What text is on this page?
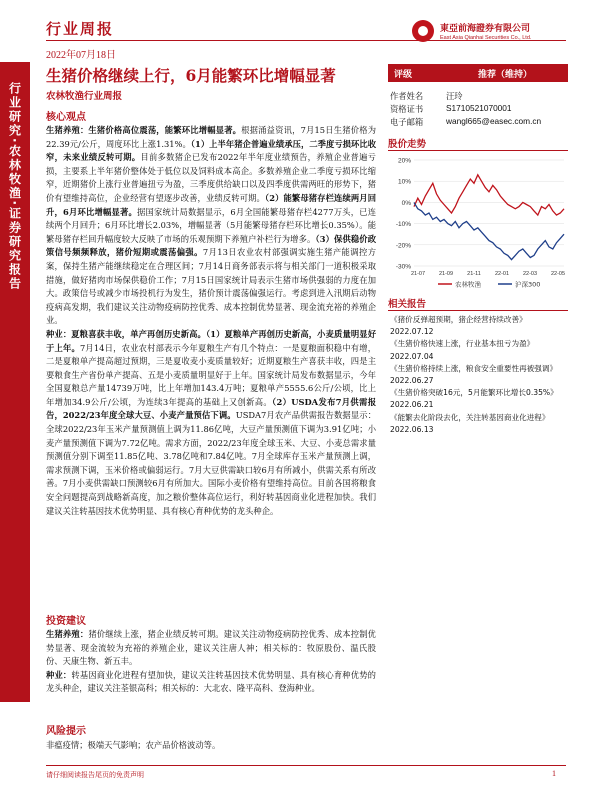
行业周报
2022年07月18日
東亞前海證券有限公司
East Asia Qianhai Securities Co., Ltd.
行业研究·农林牧渔·证券研究报告
生猪价格继续上行，6月能繁环比增幅显著
农林牧渔行业周报
核心观点

生猪养殖：生猪价格高位震荡，能繁环比增幅显著。根据涌益资讯，7月15日生猪价格为22.39元/公斤，周度环比上涨1.31%。（1）上半年猪企普遍业绩承压，二季度亏损环比收窄，未来业绩反转可期。目前多数猪企已发布2022年半年度业绩预告，养殖企业普遍亏损，主要系上半年猪价整体处于低位以及饲料成本高企。多数养殖企业二季度亏损环比缩窄，近期猪价上涨行业普遍扭亏为盈，三季度供给缺口以及四季度供需两旺的形势下，猪价有望维持高位，企业经营有望逐步改善，业绩反转可期。（2）能繁母猪存栏连续两月回升，6月环比增幅显著。据国家统计局数据显示，6月全国能繁母猪存栏4277万头，已连续两个月回升；6月环比增长2.03%，增幅显著（5月能繁母猪存栏环比增长0.35%）。能繁母猪存栏回升幅度较大反映了市场的乐观预期下养殖户补栏行为增多。（3）保供稳价政策信号频频释放，猪价短期或震荡偏强。7月13日农业农村部强调实施生猪产能调控方案，保持生猪产能继续稳定在合理区间；7月14日商务部表示将与相关部门一道积极采取措施，做好猪肉市场保供稳价工作；7月15日国家统计局表示生猪市场供强弱的力度在加大。政策信号或减少市场投机行为发生，猪价预计震荡偏强运行。考虑到进入汛期后动物疫病高发期，我们建议关注动物疫病防控优秀、成本控制优势显著、现金流充裕的养殖企业。

种业：夏粮喜获丰收，单产再创历史新高。（1）夏粮单产再创历史新高，小麦质量明显好于上年。7月14日，农业农村部表示今年夏粮生产有几个特点：一是夏粮面积稳中有增，二是夏粮单产提高超过预期，三是夏收麦小麦质量较好；近期夏粮生产喜获丰收，四是主要粮食生产省份单产提高、五是小麦质量明显好于上年。国家统计局发布数据显示，今年全国夏粮总产量14739万吨，比上年增加143.4万吨；夏粮单产5555.6公斤/公顷，比上年增加34.9公斤/公顷，为连续3年提高的基础上又创新高。（2）USDA发布7月供需报告，2022/23年度全球大豆、小麦产量预估下调。USDA7月农产品供需报告数据显示：全球2022/23年玉米产量预测值上调为11.86亿吨，大豆产量预测值下调为3.91亿吨；小麦产量预测值下调为7.72亿吨。需求方面，2022/23年度全球玉米、大豆、小麦总需求量预测值分别下调至11.85亿吨、3.78亿吨和7.84亿吨。7月全球库存玉米产量预测上调，需求预测下调，玉米价格或偏弱运行。7月大豆供需缺口较6月有所减小，供需关系有所改善。7月小麦供需缺口预测较6月有所加大。国际小麦价格有望维持高位。目前各国将粮食安全问题提高到战略新高度，加之粮价整体高位运行，利好转基因商业化进程加快。我们建议关注转基因技术优势明显、具有核心育种优势的龙头种企。

投资建议

生猪养殖：猪价继续上涨，猪企业绩反转可期。建议关注动物疫病防控优秀、成本控制优势显著、现金流较为充裕的养殖企业，建议关注唐人神；相关标的：牧原股份、温氏股份、天康生物、新五丰。

种业：转基因商业化进程有望加快，建议关注转基因技术优势明显、具有核心育种优势的龙头种企，建议关注荃银高科；相关标的：大北农、隆平高科、登海种业。

风险提示
非瘟疫情；极端天气影响；农产品价格波动等。
评级	推荐（维持）
作者姓名	汪玲
资格证书	S1710521070001
电子邮箱	wangl665@easec.com.cn
股价走势
20%
10%
0%
-10%
-20%
-30%
21-07	21-09	21-11	22-01	22-03	22-05
农林牧渔	沪深300
相关报告
《猪价反弹超预期，猪企经营持续改善》2022.07.12
《生猪价格快速上涨，行业基本扭亏为盈》2022.07.04
《生猪价格持续上涨，粮食安全重要性再被强调》2022.06.27
《生猪价格突破16元，5月能繁环比增长0.35%》2022.06.21
《能繁去化阶段去化，关注转基因商业化进程》2022.06.13
请仔细阅读报告尾页的免责声明	1
